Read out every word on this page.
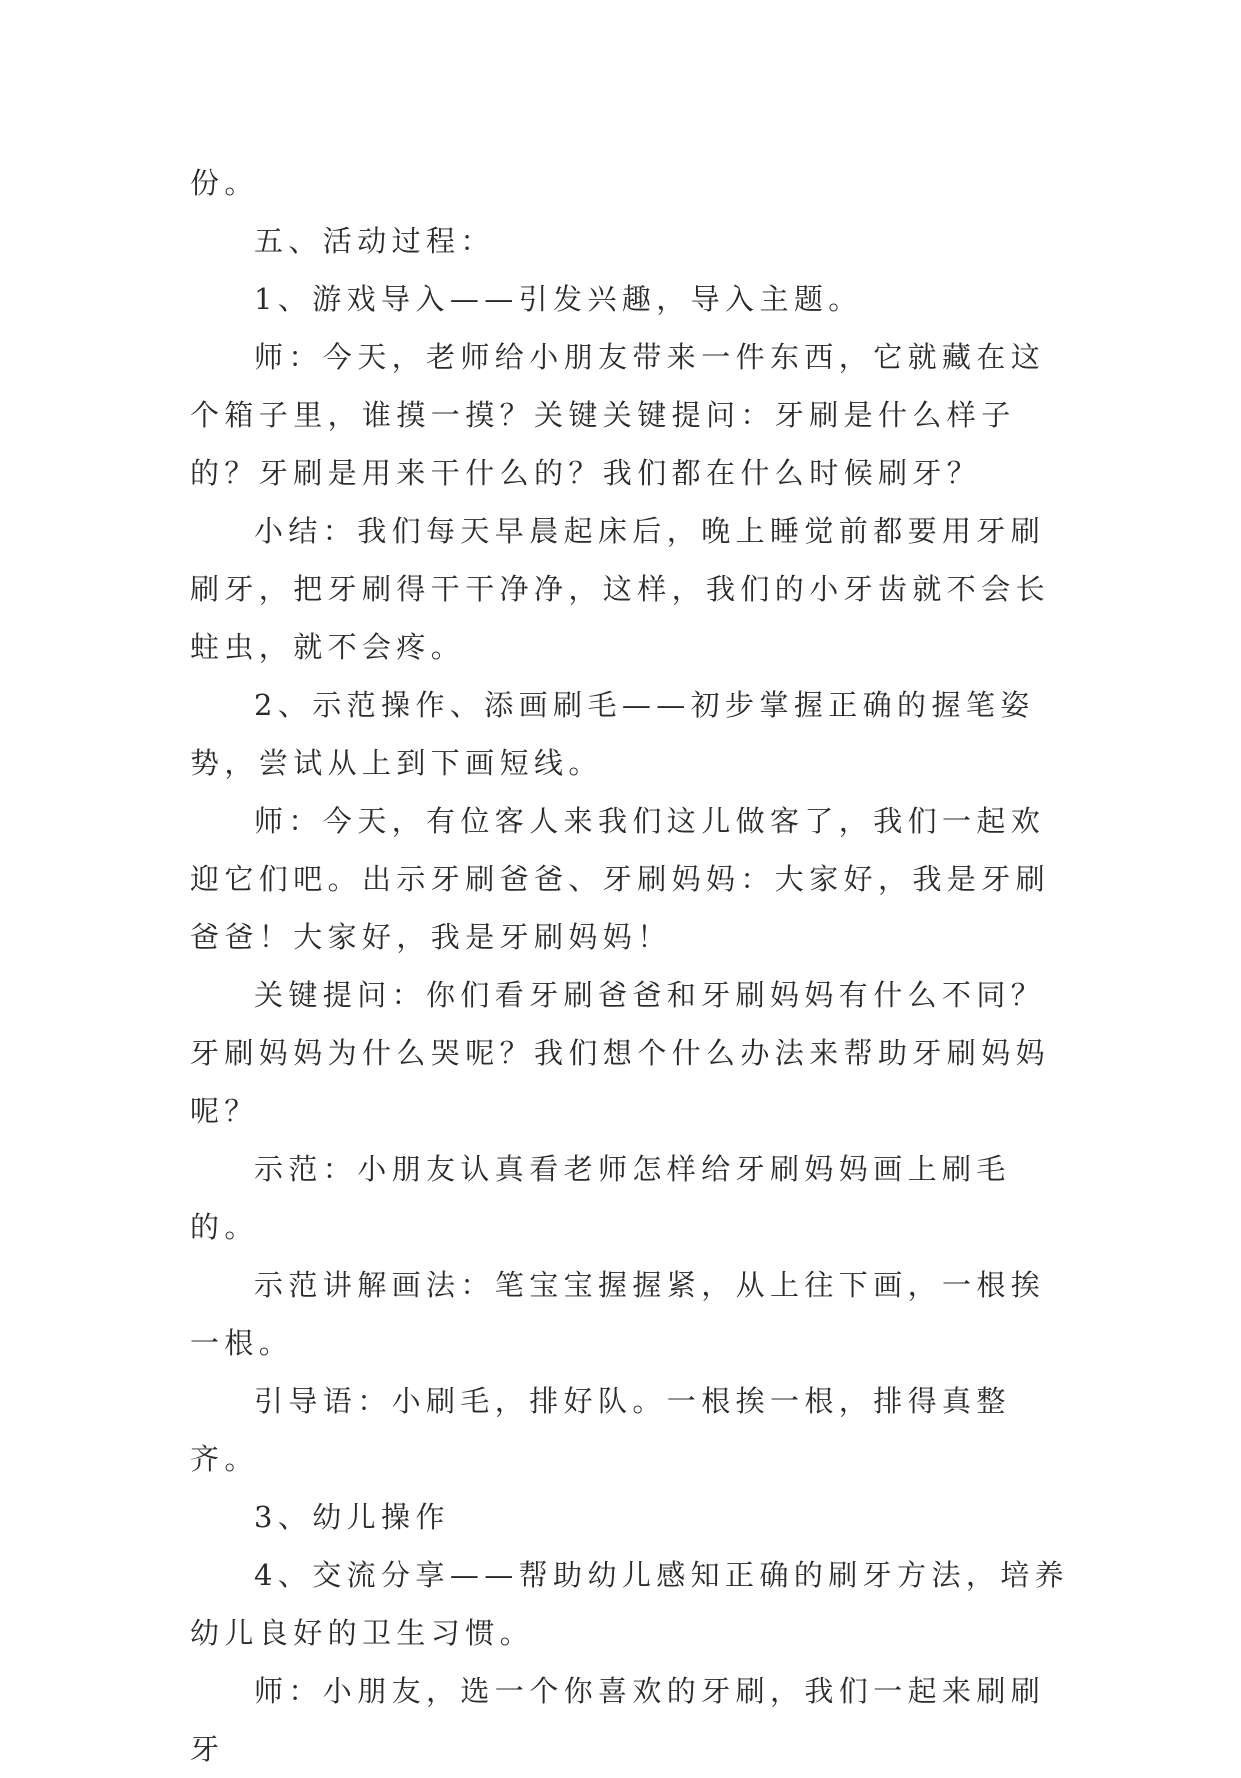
份。

五、活动过程：

1、游戏导入——引发兴趣，导入主题。

师：今天，老师给小朋友带来一件东西，它就藏在这个箱子里，谁摸一摸？关键关键提问：牙刷是什么样子的？牙刷是用来干什么的？我们都在什么时候刷牙？

小结：我们每天早晨起床后，晚上睡觉前都要用牙刷刷牙，把牙刷得干干净净，这样，我们的小牙齿就不会长蛀虫，就不会疼。

2、示范操作、添画刷毛——初步掌握正确的握笔姿势，尝试从上到下画短线。

师：今天，有位客人来我们这儿做客了，我们一起欢迎它们吧。出示牙刷爸爸、牙刷妈妈：大家好，我是牙刷爸爸！大家好，我是牙刷妈妈！

关键提问：你们看牙刷爸爸和牙刷妈妈有什么不同？牙刷妈妈为什么哭呢？我们想个什么办法来帮助牙刷妈妈呢？

示范：小朋友认真看老师怎样给牙刷妈妈画上刷毛的。

示范讲解画法：笔宝宝握握紧，从上往下画，一根挨一根。

引导语：小刷毛，排好队。一根挨一根，排得真整齐。

3、幼儿操作

4、交流分享——帮助幼儿感知正确的刷牙方法，培养幼儿良好的卫生习惯。

师：小朋友，选一个你喜欢的牙刷，我们一起来刷刷牙
